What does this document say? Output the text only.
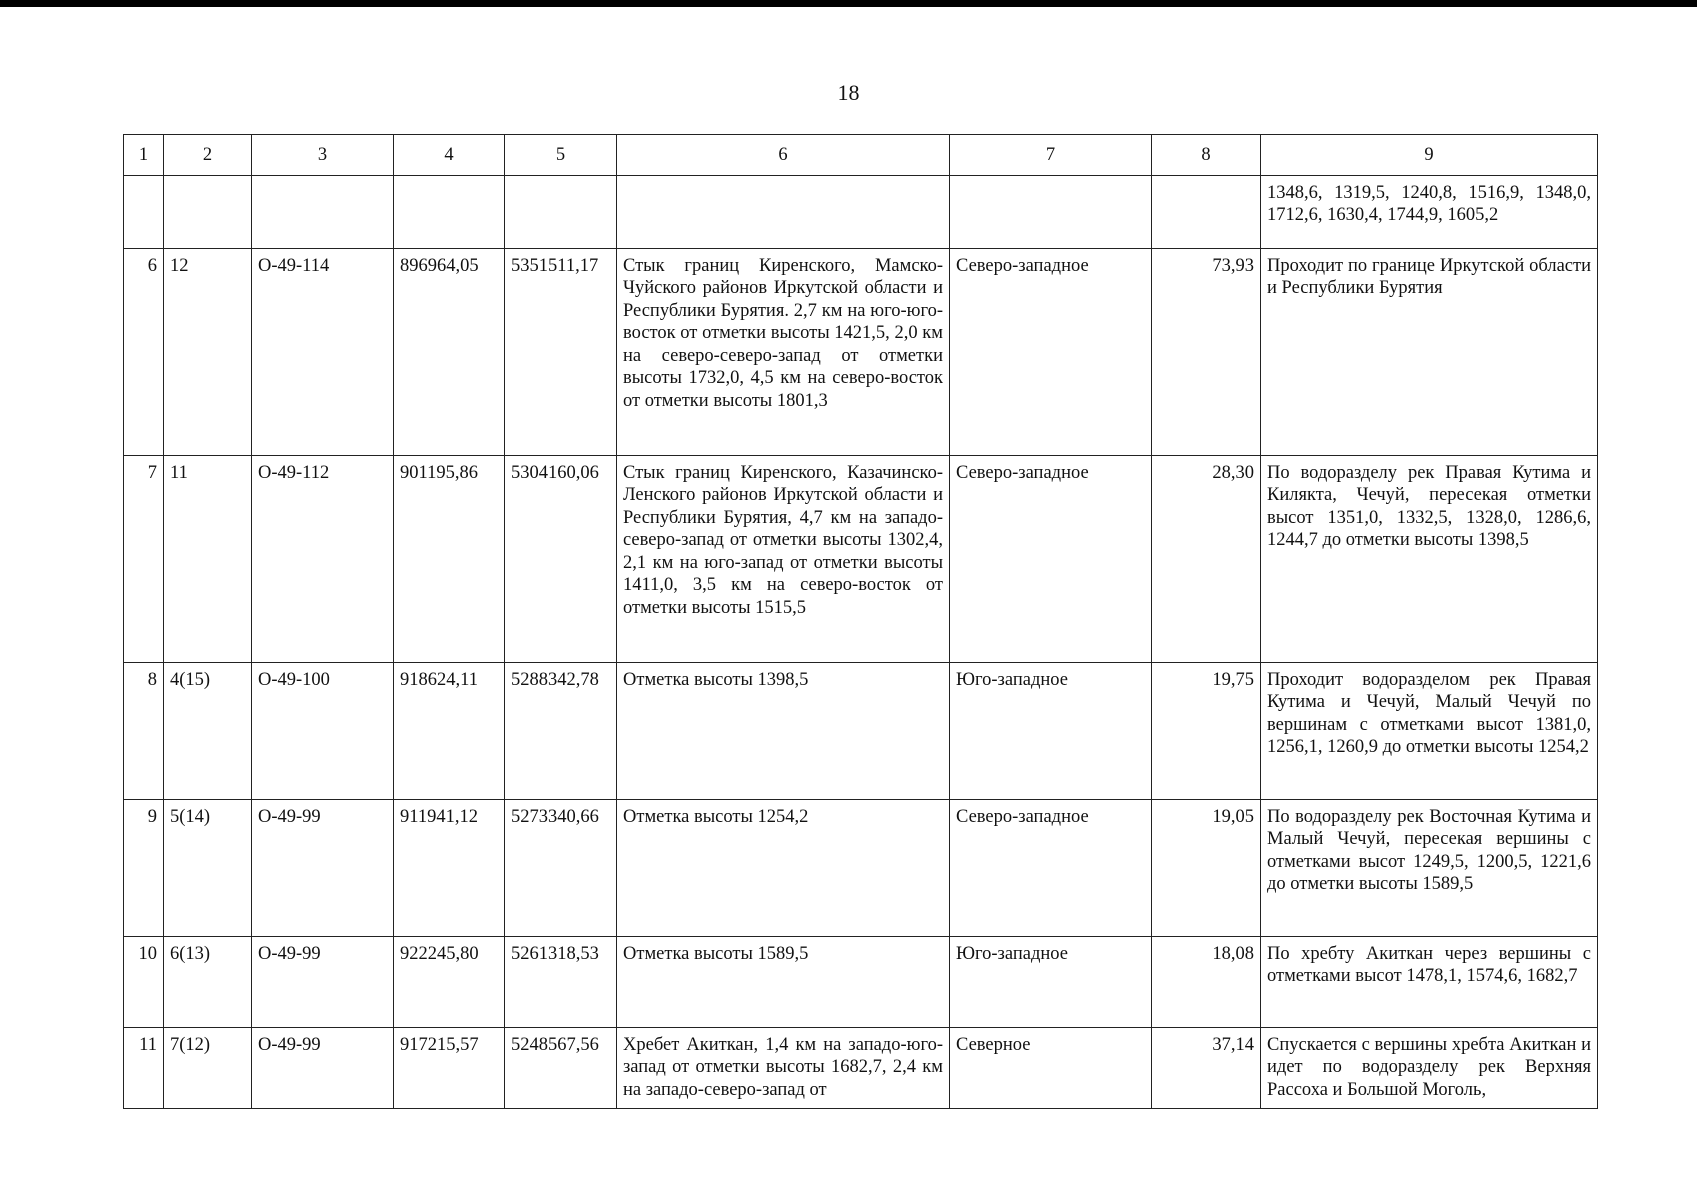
18
1	2	3	4	5	6	7	8	9
								1348,6, 1319,5, 1240,8, 1516,9, 1348,0, 1712,6, 1630,4, 1744,9, 1605,2
6	12	O-49-114	896964,05	5351511,17	Стык границ Киренского, Мамско-Чуйского районов Иркутской области и Республики Бурятия. 2,7 км на юго-юго-восток от отметки высоты 1421,5, 2,0 км на северо-северо-запад от отметки высоты 1732,0, 4,5 км на северо-восток от отметки высоты 1801,3	Северо-западное	73,93	Проходит по границе Иркутской области и Республики Бурятия
7	11	O-49-112	901195,86	5304160,06	Стык границ Киренского, Казачинско-Ленского районов Иркутской области и Республики Бурятия, 4,7 км на западо-северо-запад от отметки высоты 1302,4, 2,1 км на юго-запад от отметки высоты 1411,0, 3,5 км на северо-восток от отметки высоты 1515,5	Северо-западное	28,30	По водоразделу рек Правая Кутима и Килякта, Чечуй, пересекая отметки высот 1351,0, 1332,5, 1328,0, 1286,6, 1244,7 до отметки высоты 1398,5
8	4(15)	O-49-100	918624,11	5288342,78	Отметка высоты 1398,5	Юго-западное	19,75	Проходит водоразделом рек Правая Кутима и Чечуй, Малый Чечуй по вершинам с отметками высот 1381,0, 1256,1, 1260,9 до отметки высоты 1254,2
9	5(14)	O-49-99	911941,12	5273340,66	Отметка высоты 1254,2	Северо-западное	19,05	По водоразделу рек Восточная Кутима и Малый Чечуй, пересекая вершины с отметками высот 1249,5, 1200,5, 1221,6 до отметки высоты 1589,5
10	6(13)	O-49-99	922245,80	5261318,53	Отметка высоты 1589,5	Юго-западное	18,08	По хребту Акиткан через вершины с отметками высот 1478,1, 1574,6, 1682,7
11	7(12)	O-49-99	917215,57	5248567,56	Хребет Акиткан, 1,4 км на западо-юго-запад от отметки высоты 1682,7, 2,4 км на западо-северо-запад от	Северное	37,14	Спускается с вершины хребта Акиткан и идет по водоразделу рек Верхняя Рассоха и Большой Моголь,
